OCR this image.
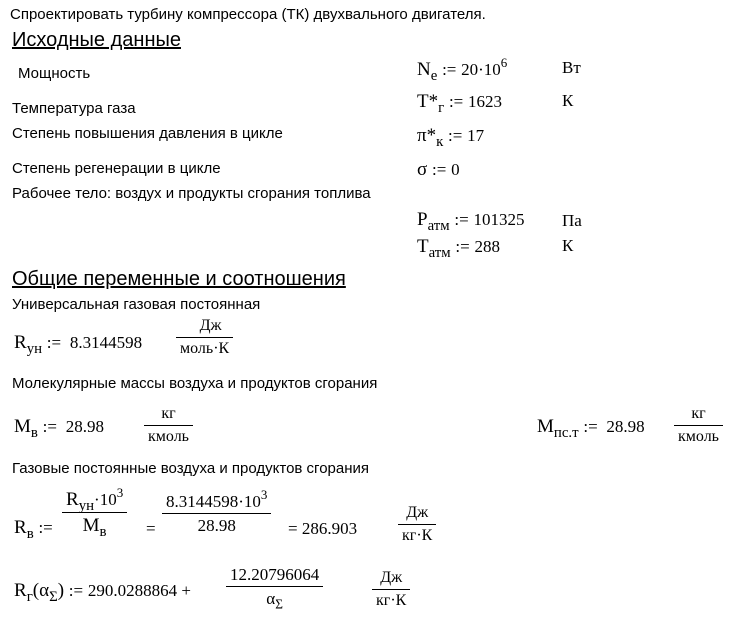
Спроектировать турбину компрессора (ТК) двухвального двигателя.
Исходные данные
Мощность	$N_e$ := $20\cdot 10^6$	Вт
Температура газа	$T*_г$ := 1623	К
Степень повышения давления в цикле	$\pi*_к$ := 17
Степень регенерации в цикле	σ := 0
Рабочее тело: воздух и продукты сгорания топлива
$P_{атм}$ := 101325 Па
$T_{атм}$ := 288	К
Общие переменные и соотношения
Универсальная газовая постоянная
$R_{ун}$ := 8.3144598
Дж
моль·К
Молекулярные массы воздуха и продуктов сгорания
$M_в$ := 28.98
кг
кмоль	$M_{пс.т}$ := 28.98
кг
кмоль
Газовые постоянные воздуха и продуктов сгорания
$R_в$ :=
$R_{ун}\cdot 10^3$
$M_в$	= $\frac{8.3144598\cdot 10^3}{28.98} = 286.903$
Дж
кг·К
$R_г(\alpha_\Sigma)$ := $290.0288864 + \frac{12.20796064}{\alpha_\Sigma}$	Дж
кг·К
